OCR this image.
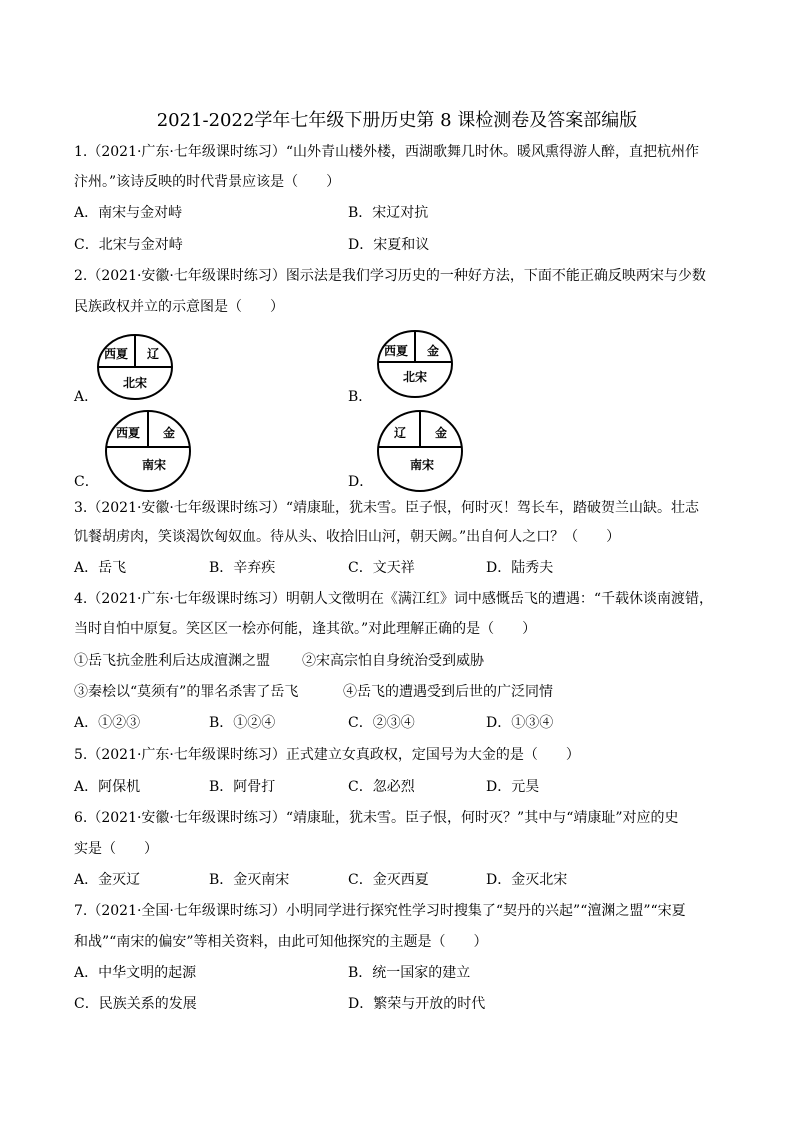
2021-2022学年七年级下册历史第 8 课检测卷及答案部编版
1.（2021·广东·七年级课时练习）“山外青山楼外楼，西湖歌舞几时休。暖风熏得游人醉，直把杭州作
汴州。”该诗反映的时代背景应该是（　　）
A．南宋与金对峙	B．宋辽对抗
C．北宋与金对峙	D．宋夏和议
2.（2021·安徽·七年级课时练习）图示法是我们学习历史的一种好方法，下面不能正确反映两宋与少数
民族政权并立的示意图是（　　）
A．	B．
C．	D．
西夏 辽
北宋
西夏 金
北宋
西夏 金
南宋
辽 金
南宋
3.（2021·安徽·七年级课时练习）“靖康耻，犹未雪。臣子恨，何时灭！驾长车，踏破贺兰山缺。壮志
饥餐胡虏肉，笑谈渴饮匈奴血。待从头、收拾旧山河，朝天阙。”出自何人之口？（　　）
A．岳飞	B．辛弃疾	C．文天祥	D．陆秀夫
4.（2021·广东·七年级课时练习）明朝人文徵明在《满江红》词中感慨岳飞的遭遇：“千载休谈南渡错，
当时自怕中原复。笑区区一桧亦何能，逢其欲。”对此理解正确的是（　　）
①岳飞抗金胜利后达成澶渊之盟 ②宋高宗怕自身统治受到威胁
③秦桧以“莫须有”的罪名杀害了岳飞	④岳飞的遭遇受到后世的广泛同情
A．①②③	B．①②④	C．②③④	D．①③④
5.（2021·广东·七年级课时练习）正式建立女真政权，定国号为大金的是（　　）
A．阿保机	B．阿骨打	C．忽必烈	D．元昊
6.（2021·安徽·七年级课时练习）“靖康耻，犹未雪。臣子恨，何时灭？”其中与“靖康耻”对应的史
实是（　　）
A．金灭辽	B．金灭南宋	C．金灭西夏	D．金灭北宋
7.（2021·全国·七年级课时练习）小明同学进行探究性学习时搜集了“契丹的兴起”“澶渊之盟”“宋夏
和战”“南宋的偏安”等相关资料，由此可知他探究的主题是（　　）
A．中华文明的起源	B．统一国家的建立
C．民族关系的发展	D．繁荣与开放的时代
